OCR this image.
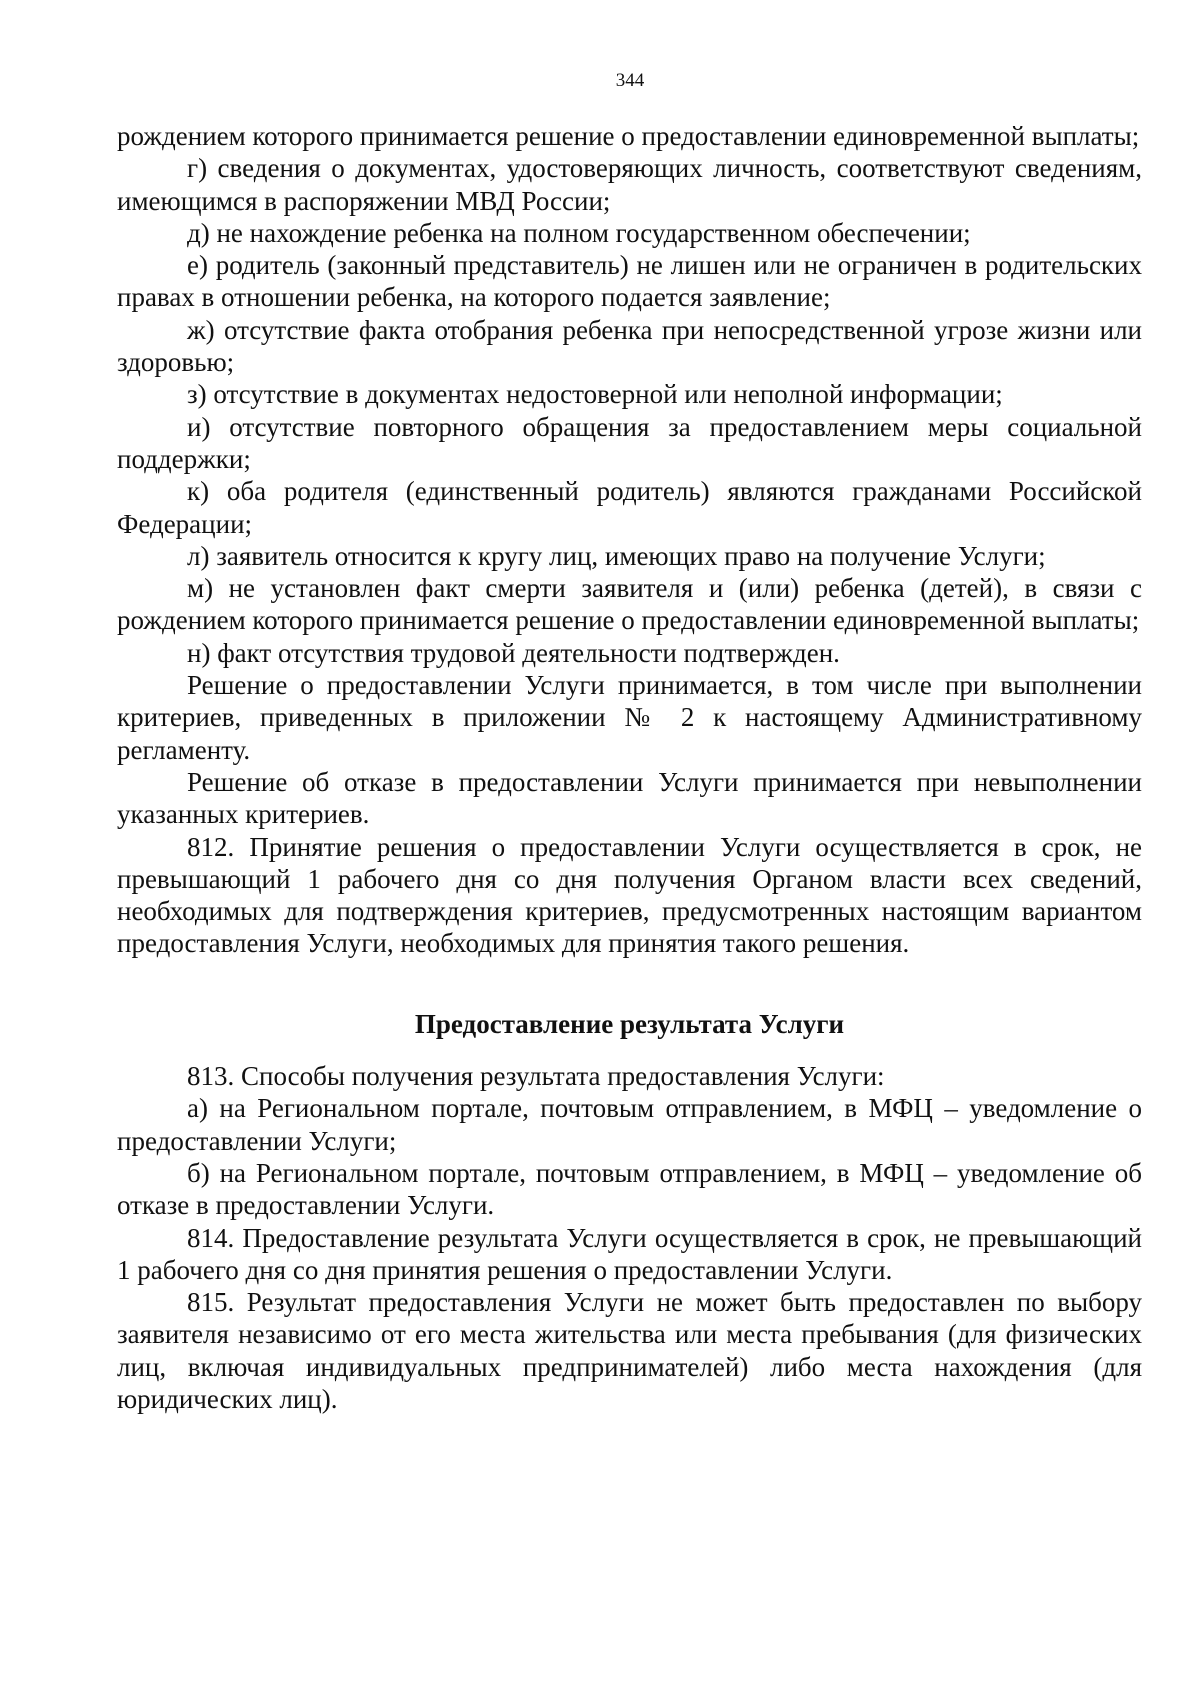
344

рождением которого принимается решение о предоставлении единовременной выплаты;

г) сведения о документах, удостоверяющих личность, соответствуют сведениям, имеющимся в распоряжении МВД России;

д) не нахождение ребенка на полном государственном обеспечении;

е) родитель (законный представитель) не лишен или не ограничен в родительских правах в отношении ребенка, на которого подается заявление;

ж) отсутствие факта отобрания ребенка при непосредственной угрозе жизни или здоровью;

з) отсутствие в документах недостоверной или неполной информации;

и) отсутствие повторного обращения за предоставлением меры социальной поддержки;

к) оба родителя (единственный родитель) являются гражданами Российской Федерации;

л) заявитель относится к кругу лиц, имеющих право на получение Услуги;

м) не установлен факт смерти заявителя и (или) ребенка (детей), в связи с рождением которого принимается решение о предоставлении единовременной выплаты;

н) факт отсутствия трудовой деятельности подтвержден.

Решение о предоставлении Услуги принимается, в том числе при выполнении критериев, приведенных в приложении № 2 к настоящему Административному регламенту.

Решение об отказе в предоставлении Услуги принимается при невыполнении указанных критериев.

812. Принятие решения о предоставлении Услуги осуществляется в срок, не превышающий 1 рабочего дня со дня получения Органом власти всех сведений, необходимых для подтверждения критериев, предусмотренных настоящим вариантом предоставления Услуги, необходимых для принятия такого решения.

Предоставление результата Услуги

813. Способы получения результата предоставления Услуги:

а) на Региональном портале, почтовым отправлением, в МФЦ – уведомление о предоставлении Услуги;

б) на Региональном портале, почтовым отправлением, в МФЦ – уведомление об отказе в предоставлении Услуги.

814. Предоставление результата Услуги осуществляется в срок, не превышающий 1 рабочего дня со дня принятия решения о предоставлении Услуги.

815. Результат предоставления Услуги не может быть предоставлен по выбору заявителя независимо от его места жительства или места пребывания (для физических лиц, включая индивидуальных предпринимателей) либо места нахождения (для юридических лиц).
